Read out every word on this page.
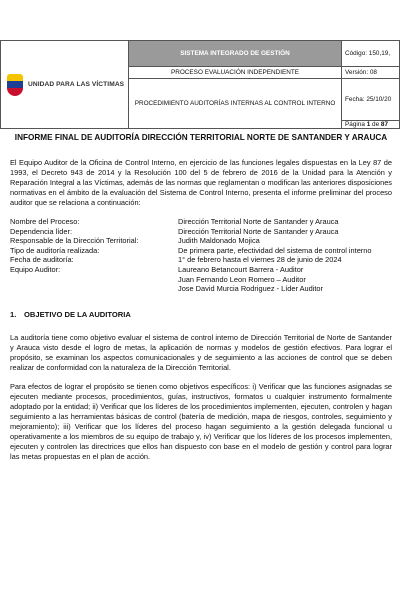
UNIDAD PARA LAS VÍCTIMAS	SISTEMA INTEGRADO DE GESTIÓN	Código: 150,19,
	PROCESO EVALUACIÓN INDEPENDIENTE	Versión: 08
	PROCEDIMIENTO AUDITORÍAS INTERNAS AL CONTROL INTERNO	Fecha: 25/10/20
		Página 1 de 87
INFORME FINAL DE AUDITORÍA DIRECCIÓN TERRITORIAL NORTE DE SANTANDER Y ARAUCA

El Equipo Auditor de la Oficina de Control Interno, en ejercicio de las funciones legales dispuestas en la Ley 87 de 1993, el Decreto 943 de 2014 y la Resolución 100 del 5 de febrero de 2016 de la Unidad para la Atención y Reparación Integral a las Víctimas, además de las normas que reglamentan o modifican las anteriores disposiciones normativas en el ámbito de la evaluación del Sistema de Control Interno, presenta el informe preliminar del proceso auditor que se relaciona a continuación:

Nombre del Proceso:	Dirección Territorial Norte de Santander y Arauca
Dependencia líder:	Dirección Territorial Norte de Santander y Arauca
Responsable de la Dirección Territorial:	Judith Maldonado Mojica
Tipo de auditoría realizada:	De primera parte, efectividad del sistema de control interno
Fecha de auditoría:	1° de febrero hasta el viernes 28 de junio de 2024
Equipo Auditor:	Laureano Betancourt Barrera - Auditor
	Juan Fernando Leon Romero – Auditor
	Jose David Murcia Rodriguez - Líder Auditor
1. OBJETIVO DE LA AUDITORIA

La auditoría tiene como objetivo evaluar el sistema de control interno de Dirección Territorial de Norte de Santander y Arauca visto desde el logro de metas, la aplicación de normas y modelos de gestión efectivos. Para lograr el propósito, se examinan los aspectos comunicacionales y de seguimiento a las acciones de control que se deben realizar de conformidad con la naturaleza de la Dirección Territorial.

Para efectos de lograr el propósito se tienen como objetivos específicos: i) Verificar que las funciones asignadas se ejecuten mediante procesos, procedimientos, guías, instructivos, formatos u cualquier instrumento formalmente adoptado por la entidad; ii) Verificar que los líderes de los procedimientos implementen, ejecuten, controlen y hagan seguimiento a las herramientas básicas de control (batería de medición, mapa de riesgos, controles, seguimiento y mejoramiento); iii) Verificar que los líderes del proceso hagan seguimiento a la gestión delegada funcional u operativamente a los miembros de su equipo de trabajo y, iv) Verificar que los líderes de los procesos implementen, ejecuten y controlen las directrices que ellos han dispuesto con base en el modelo de gestión y control para lograr las metas propuestas en el plan de acción.
